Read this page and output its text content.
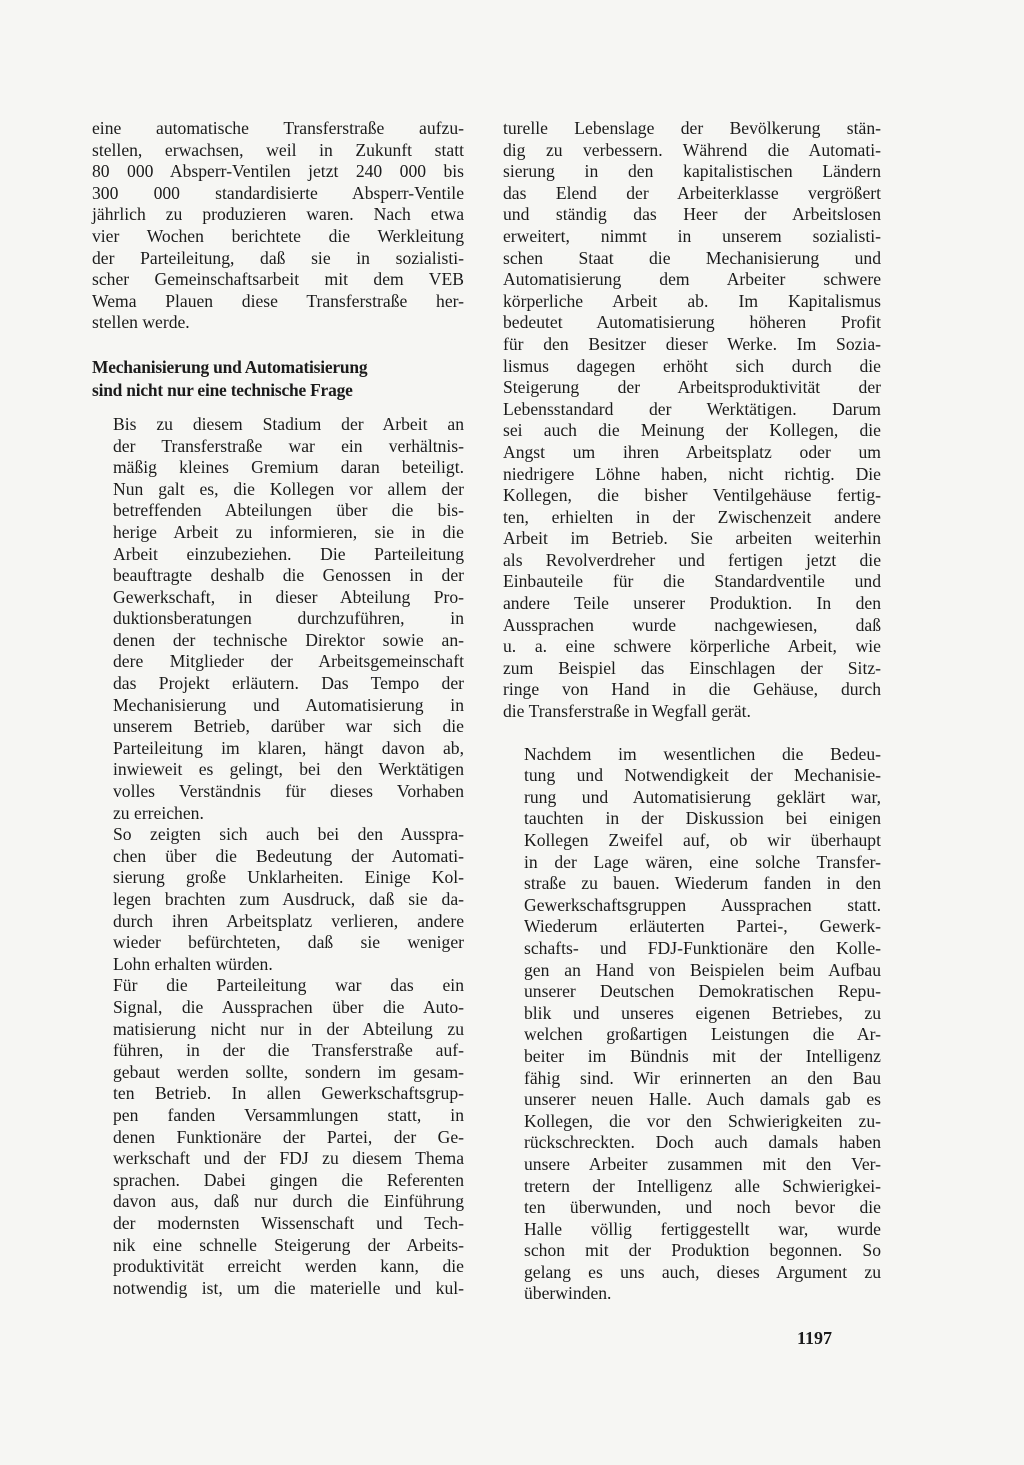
eine automatische Transferstraße aufzu-
stellen, erwachsen, weil in Zukunft statt
80 000 Absperr-Ventilen jetzt 240 000 bis
300 000 standardisierte Absperr-Ventile
jährlich zu produzieren waren. Nach etwa
vier Wochen berichtete die Werkleitung
der Parteileitung, daß sie in sozialisti-
scher Gemeinschaftsarbeit mit dem VEB
Wema Plauen diese Transferstraße her-
stellen werde.

Mechanisierung und Automatisierung
sind nicht nur eine technische Frage

Bis zu diesem Stadium der Arbeit an
der Transferstraße war ein verhältnis-
mäßig kleines Gremium daran beteiligt.
Nun galt es, die Kollegen vor allem der
betreffenden Abteilungen über die bis-
herige Arbeit zu informieren, sie in die
Arbeit einzubeziehen. Die Parteileitung
beauftragte deshalb die Genossen in der
Gewerkschaft, in dieser Abteilung Pro-
duktionsberatungen durchzuführen, in
denen der technische Direktor sowie an-
dere Mitglieder der Arbeitsgemeinschaft
das Projekt erläutern. Das Tempo der
Mechanisierung und Automatisierung in
unserem Betrieb, darüber war sich die
Parteileitung im klaren, hängt davon ab,
inwieweit es gelingt, bei den Werktätigen
volles Verständnis für dieses Vorhaben
zu erreichen.

So zeigten sich auch bei den Ausspra-
chen über die Bedeutung der Automati-
sierung große Unklarheiten. Einige Kol-
legen brachten zum Ausdruck, daß sie da-
durch ihren Arbeitsplatz verlieren, andere
wieder befürchteten, daß sie weniger
Lohn erhalten würden.

Für die Parteileitung war das ein
Signal, die Aussprachen über die Auto-
matisierung nicht nur in der Abteilung zu
führen, in der die Transferstraße auf-
gebaut werden sollte, sondern im gesam-
ten Betrieb. In allen Gewerkschaftsgrup-
pen fanden Versammlungen statt, in
denen Funktionäre der Partei, der Ge-
werkschaft und der FDJ zu diesem Thema
sprachen. Dabei gingen die Referenten
davon aus, daß nur durch die Einführung
der modernsten Wissenschaft und Tech-
nik eine schnelle Steigerung der Arbeits-
produktivität erreicht werden kann, die
notwendig ist, um die materielle und kul-

turelle Lebenslage der Bevölkerung stän-
dig zu verbessern. Während die Automati-
sierung in den kapitalistischen Ländern
das Elend der Arbeiterklasse vergrößert
und ständig das Heer der Arbeitslosen
erweitert, nimmt in unserem sozialisti-
schen Staat die Mechanisierung und
Automatisierung dem Arbeiter schwere
körperliche Arbeit ab. Im Kapitalismus
bedeutet Automatisierung höheren Profit
für den Besitzer dieser Werke. Im Sozia-
lismus dagegen erhöht sich durch die
Steigerung der Arbeitsproduktivität der
Lebensstandard der Werktätigen. Darum
sei auch die Meinung der Kollegen, die
Angst um ihren Arbeitsplatz oder um
niedrigere Löhne haben, nicht richtig. Die
Kollegen, die bisher Ventilgehäuse fertig-
ten, erhielten in der Zwischenzeit andere
Arbeit im Betrieb. Sie arbeiten weiterhin
als Revolverdreher und fertigen jetzt die
Einbauteile für die Standardventile und
andere Teile unserer Produktion. In den
Aussprachen wurde nachgewiesen, daß
u. a. eine schwere körperliche Arbeit, wie
zum Beispiel das Einschlagen der Sitz-
ringe von Hand in die Gehäuse, durch
die Transferstraße in Wegfall gerät.

Nachdem im wesentlichen die Bedeu-
tung und Notwendigkeit der Mechanisie-
rung und Automatisierung geklärt war,
tauchten in der Diskussion bei einigen
Kollegen Zweifel auf, ob wir überhaupt
in der Lage wären, eine solche Transfer-
straße zu bauen. Wiederum fanden in den
Gewerkschaftsgruppen Aussprachen statt.
Wiederum erläuterten Partei-, Gewerk-
schafts- und FDJ-Funktionäre den Kolle-
gen an Hand von Beispielen beim Aufbau
unserer Deutschen Demokratischen Repu-
blik und unseres eigenen Betriebes, zu
welchen großartigen Leistungen die Ar-
beiter im Bündnis mit der Intelligenz
fähig sind. Wir erinnerten an den Bau
unserer neuen Halle. Auch damals gab es
Kollegen, die vor den Schwierigkeiten zu-
rückschreckten. Doch auch damals haben
unsere Arbeiter zusammen mit den Ver-
tretern der Intelligenz alle Schwierigkei-
ten überwunden, und noch bevor die
Halle völlig fertiggestellt war, wurde
schon mit der Produktion begonnen. So
gelang es uns auch, dieses Argument zu
überwinden.

1197
